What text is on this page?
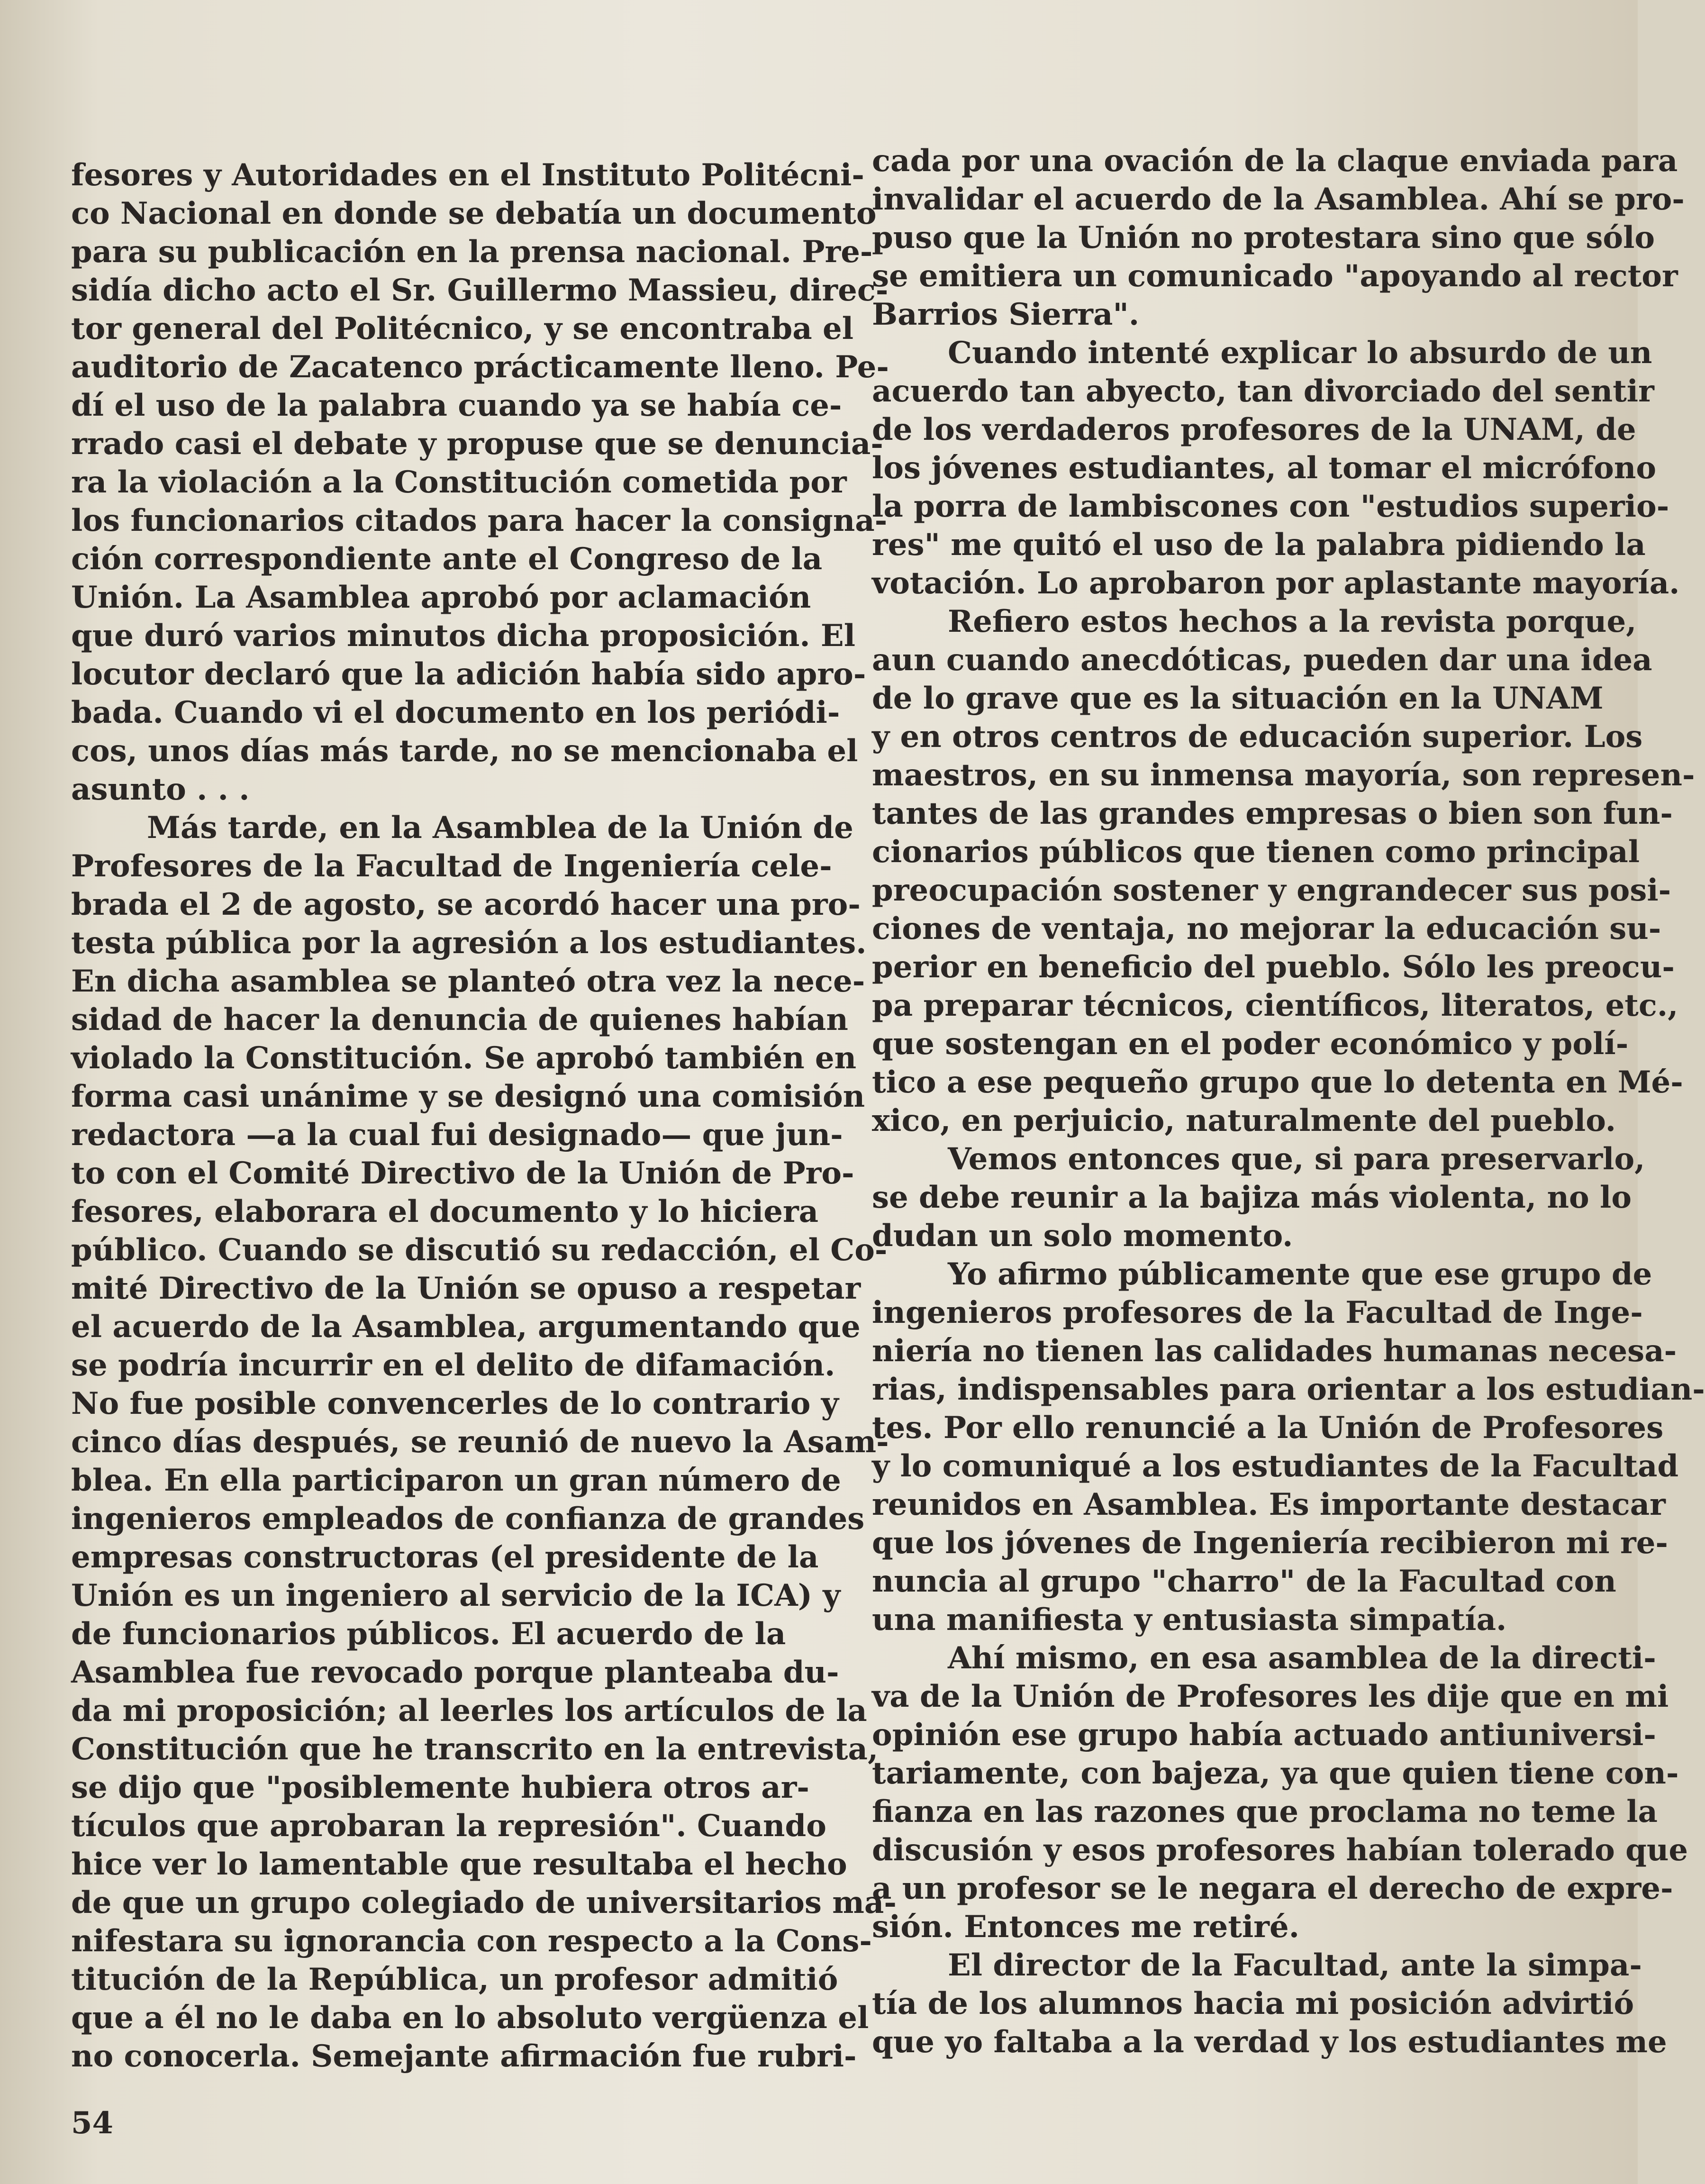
fesores y Autoridades en el Instituto Politécni-
co Nacional en donde se debatía un documento
para su publicación en la prensa nacional. Pre-
sidía dicho acto el Sr. Guillermo Massieu, direc-
tor general del Politécnico, y se encontraba el
auditorio de Zacatenco prácticamente lleno. Pe-
dí el uso de la palabra cuando ya se había ce-
rrado casi el debate y propuse que se denuncia-
ra la violación a la Constitución cometida por
los funcionarios citados para hacer la consigna-
ción correspondiente ante el Congreso de la
Unión. La Asamblea aprobó por aclamación
que duró varios minutos dicha proposición. El
locutor declaró que la adición había sido apro-
bada. Cuando vi el documento en los periódi-
cos, unos días más tarde, no se mencionaba el
asunto . . .
Más tarde, en la Asamblea de la Unión de
Profesores de la Facultad de Ingeniería cele-
brada el 2 de agosto, se acordó hacer una pro-
testa pública por la agresión a los estudiantes.
En dicha asamblea se planteó otra vez la nece-
sidad de hacer la denuncia de quienes habían
violado la Constitución. Se aprobó también en
forma casi unánime y se designó una comisión
redactora —a la cual fui designado— que jun-
to con el Comité Directivo de la Unión de Pro-
fesores, elaborara el documento y lo hiciera
público. Cuando se discutió su redacción, el Co-
mité Directivo de la Unión se opuso a respetar
el acuerdo de la Asamblea, argumentando que
se podría incurrir en el delito de difamación.
No fue posible convencerles de lo contrario y
cinco días después, se reunió de nuevo la Asam-
blea. En ella participaron un gran número de
ingenieros empleados de confianza de grandes
empresas constructoras (el presidente de la
Unión es un ingeniero al servicio de la ICA) y
de funcionarios públicos. El acuerdo de la
Asamblea fue revocado porque planteaba du-
da mi proposición; al leerles los artículos de la
Constitución que he transcrito en la entrevista,
se dijo que "posiblemente hubiera otros ar-
tículos que aprobaran la represión". Cuando
hice ver lo lamentable que resultaba el hecho
de que un grupo colegiado de universitarios ma-
nifestara su ignorancia con respecto a la Cons-
titución de la República, un profesor admitió
que a él no le daba en lo absoluto vergüenza el
no conocerla. Semejante afirmación fue rubri-
cada por una ovación de la claque enviada para
invalidar el acuerdo de la Asamblea. Ahí se pro-
puso que la Unión no protestara sino que sólo
se emitiera un comunicado "apoyando al rector
Barrios Sierra".
Cuando intenté explicar lo absurdo de un
acuerdo tan abyecto, tan divorciado del sentir
de los verdaderos profesores de la UNAM, de
los jóvenes estudiantes, al tomar el micrófono
la porra de lambiscones con "estudios superio-
res" me quitó el uso de la palabra pidiendo la
votación. Lo aprobaron por aplastante mayoría.
Refiero estos hechos a la revista porque,
aun cuando anecdóticas, pueden dar una idea
de lo grave que es la situación en la UNAM
y en otros centros de educación superior. Los
maestros, en su inmensa mayoría, son represen-
tantes de las grandes empresas o bien son fun-
cionarios públicos que tienen como principal
preocupación sostener y engrandecer sus posi-
ciones de ventaja, no mejorar la educación su-
perior en beneficio del pueblo. Sólo les preocu-
pa preparar técnicos, científicos, literatos, etc.,
que sostengan en el poder económico y polí-
tico a ese pequeño grupo que lo detenta en Mé-
xico, en perjuicio, naturalmente del pueblo.
Vemos entonces que, si para preservarlo,
se debe reunir a la bajiza más violenta, no lo
dudan un solo momento.
Yo afirmo públicamente que ese grupo de
ingenieros profesores de la Facultad de Inge-
niería no tienen las calidades humanas necesa-
rias, indispensables para orientar a los estudian-
tes. Por ello renuncié a la Unión de Profesores
y lo comuniqué a los estudiantes de la Facultad
reunidos en Asamblea. Es importante destacar
que los jóvenes de Ingeniería recibieron mi re-
nuncia al grupo "charro" de la Facultad con
una manifiesta y entusiasta simpatía.
Ahí mismo, en esa asamblea de la directi-
va de la Unión de Profesores les dije que en mi
opinión ese grupo había actuado antiuniversi-
tariamente, con bajeza, ya que quien tiene con-
fianza en las razones que proclama no teme la
discusión y esos profesores habían tolerado que
a un profesor se le negara el derecho de expre-
sión. Entonces me retiré.
El director de la Facultad, ante la simpa-
tía de los alumnos hacia mi posición advirtió
que yo faltaba a la verdad y los estudiantes me
54
